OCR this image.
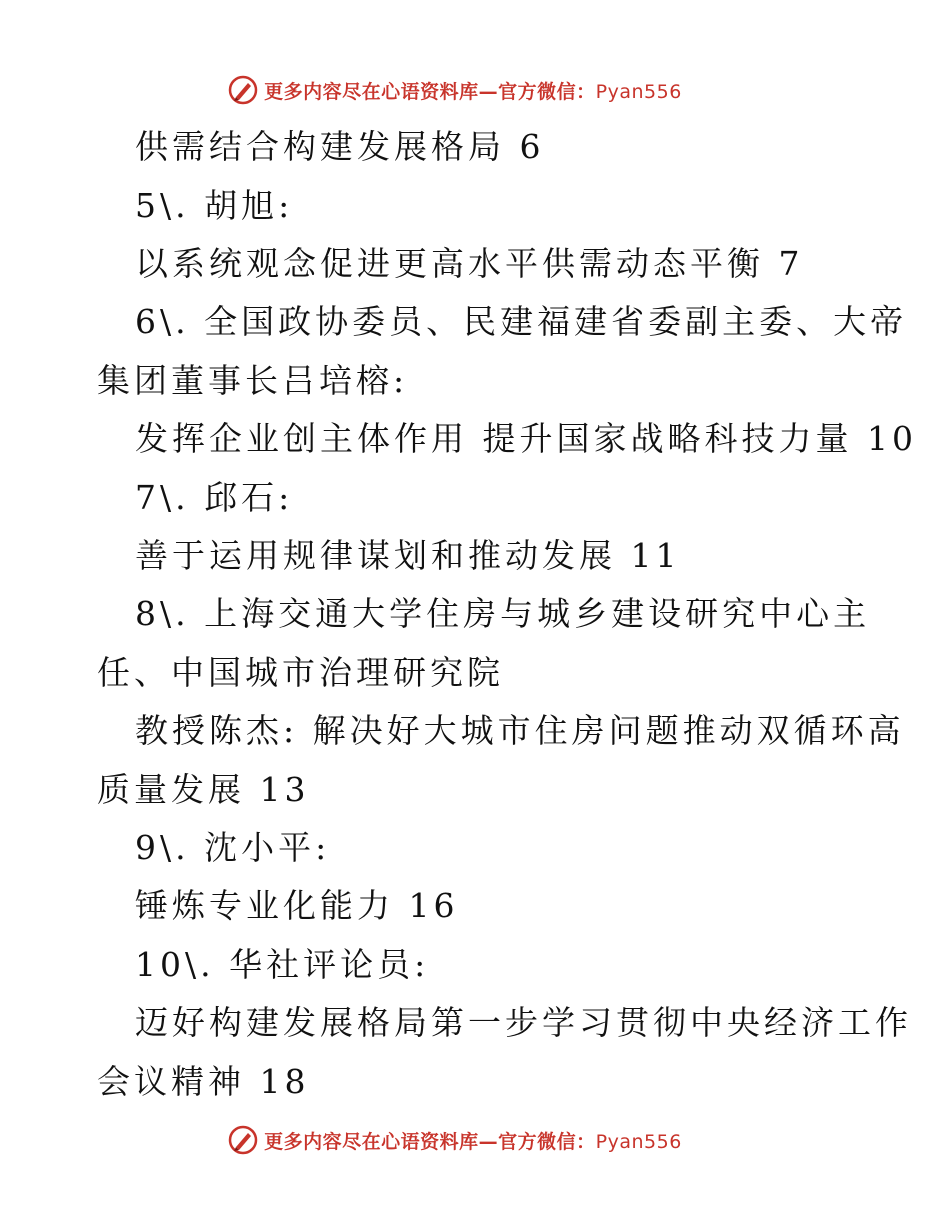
更多内容尽在心语资料库—官方微信：Pyan556
供需结合构建发展格局 6
5\. 胡旭:
以系统观念促进更高水平供需动态平衡 7
6\. 全国政协委员、民建福建省委副主委、大帝
集团董事长吕培榕:
发挥企业创主体作用 提升国家战略科技力量 10
7\. 邱石:
善于运用规律谋划和推动发展 11
8\. 上海交通大学住房与城乡建设研究中心主
任、中国城市治理研究院
教授陈杰: 解决好大城市住房问题推动双循环高
质量发展 13
9\. 沈小平:
锤炼专业化能力 16
10\. 华社评论员:
迈好构建发展格局第一步学习贯彻中央经济工作
会议精神 18
更多内容尽在心语资料库—官方微信：Pyan556
